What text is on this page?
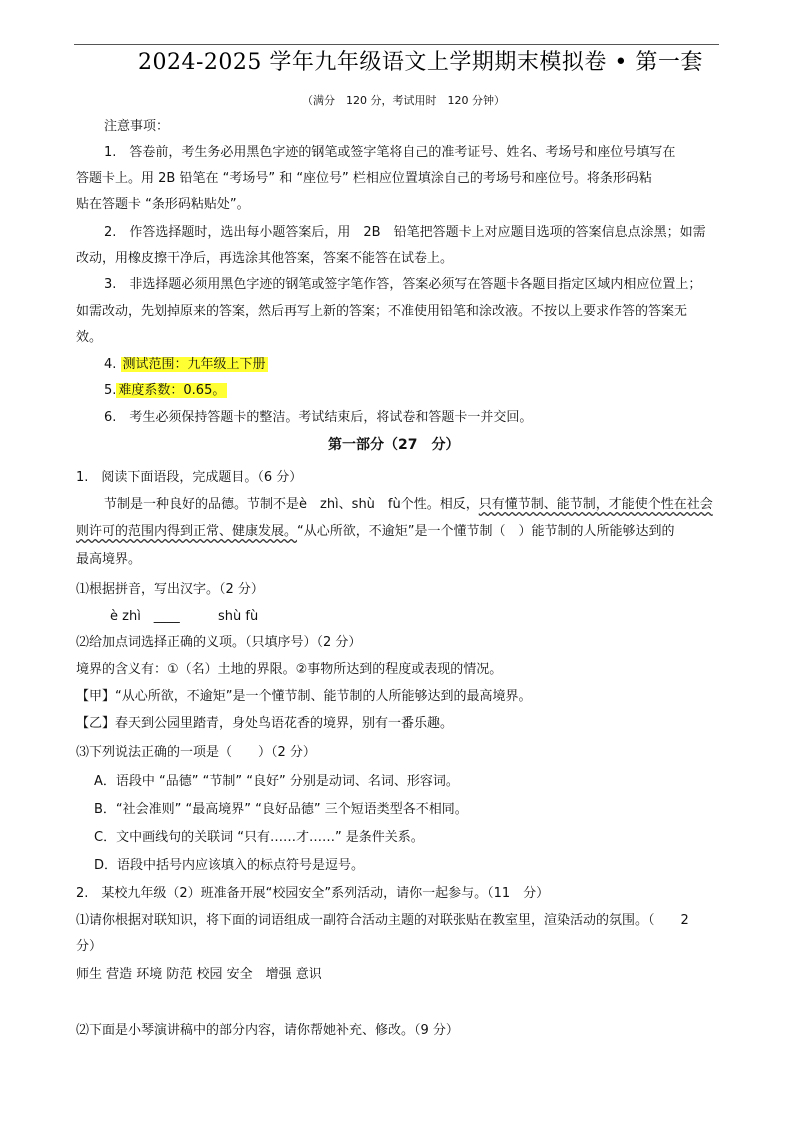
2024-2025 学年九年级语文上学期期末模拟卷 • 第一套
（满分　120 分，考试用时　120 分钟）
注意事项：
1.　答卷前，考生务必用黑色字迹的钢笔或签字笔将自己的准考证号、姓名、考场号和座位号填写在
答题卡上。用 2B 铅笔在 “考场号” 和 “座位号” 栏相应位置填涂自己的考场号和座位号。将条形码粘
贴在答题卡 “条形码粘贴处”。
2.　作答选择题时，选出每小题答案后，用　2B　铅笔把答题卡上对应题目选项的答案信息点涂黑；如需
改动，用橡皮擦干净后，再选涂其他答案，答案不能答在试卷上。
3.　非选择题必须用黑色字迹的钢笔或签字笔作答，答案必须写在答题卡各题目指定区域内相应位置上；
如需改动，先划掉原来的答案，然后再写上新的答案；不准使用铅笔和涂改液。不按以上要求作答的答案无
效。
4. 测试范围：九年级上下册
5. 难度系数：0.65。
6.　考生必须保持答题卡的整洁。考试结束后，将试卷和答题卡一并交回。
第一部分（27　分）
1.　阅读下面语段，完成题目。（6 分）
节制是一种良好的品德。节制不是è　zhì、shù　fù个性。相反，只有懂节制、能节制，才能使个性在社会
则许可的范围内得到正常、健康发展。“从心所欲，不逾矩”是一个懂节制（　）能节制的人所能够达到的
最高境界。
⑴根据拼音，写出汉字。（2 分）
è zhì　____	shù fù
⑵给加点词选择正确的义项。（只填序号）（2 分）
境界的含义有：①（名）土地的界限。②事物所达到的程度或表现的情况。
【甲】“从心所欲，不逾矩”是一个懂节制、能节制的人所能够达到的最高境界。
【乙】春天到公园里踏青，身处鸟语花香的境界，别有一番乐趣。
⑶下列说法正确的一项是（　　）（2 分）
A．语段中 “品德” “节制” “良好” 分别是动词、名词、形容词。
B．“社会准则” “最高境界” “良好品德” 三个短语类型各不相同。
C．文中画线句的关联词 “只有……才……” 是条件关系。
D．语段中括号内应该填入的标点符号是逗号。
2.　某校九年级（2）班准备开展“校园安全”系列活动，请你一起参与。（11　分）
⑴请你根据对联知识，将下面的词语组成一副符合活动主题的对联张贴在教室里，渲染活动的氛围。（　　2
分）
师生 营造 环境 防范 校园 安全　增强 意识
⑵下面是小琴演讲稿中的部分内容，请你帮她补充、修改。（9 分）
